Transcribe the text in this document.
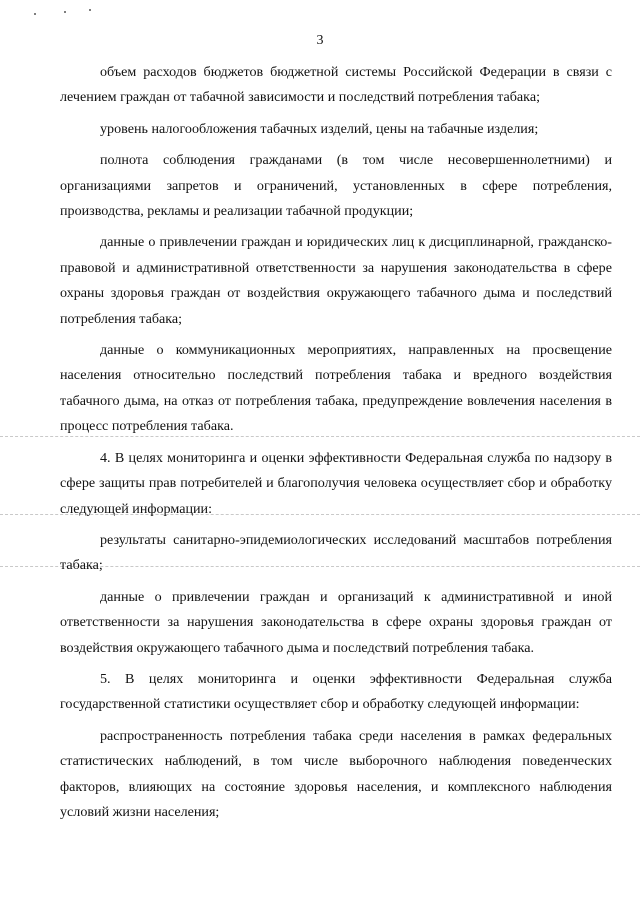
3

объем расходов бюджетов бюджетной системы Российской Федерации в связи с лечением граждан от табачной зависимости и последствий потребления табака;

уровень налогообложения табачных изделий, цены на табачные изделия;

полнота соблюдения гражданами (в том числе несовершеннолетними) и организациями запретов и ограничений, установленных в сфере потребления, производства, рекламы и реализации табачной продукции;

данные о привлечении граждан и юридических лиц к дисциплинарной, гражданско-правовой и административной ответственности за нарушения законодательства в сфере охраны здоровья граждан от воздействия окружающего табачного дыма и последствий потребления табака;

данные о коммуникационных мероприятиях, направленных на просвещение населения относительно последствий потребления табака и вредного воздействия табачного дыма, на отказ от потребления табака, предупреждение вовлечения населения в процесс потребления табака.

4. В целях мониторинга и оценки эффективности Федеральная служба по надзору в сфере защиты прав потребителей и благополучия человека осуществляет сбор и обработку следующей информации:

результаты санитарно-эпидемиологических исследований масштабов потребления табака;

данные о привлечении граждан и организаций к административной и иной ответственности за нарушения законодательства в сфере охраны здоровья граждан от воздействия окружающего табачного дыма и последствий потребления табака.

5. В целях мониторинга и оценки эффективности Федеральная служба государственной статистики осуществляет сбор и обработку следующей информации:

распространенность потребления табака среди населения в рамках федеральных статистических наблюдений, в том числе выборочного наблюдения поведенческих факторов, влияющих на состояние здоровья населения, и комплексного наблюдения условий жизни населения;
